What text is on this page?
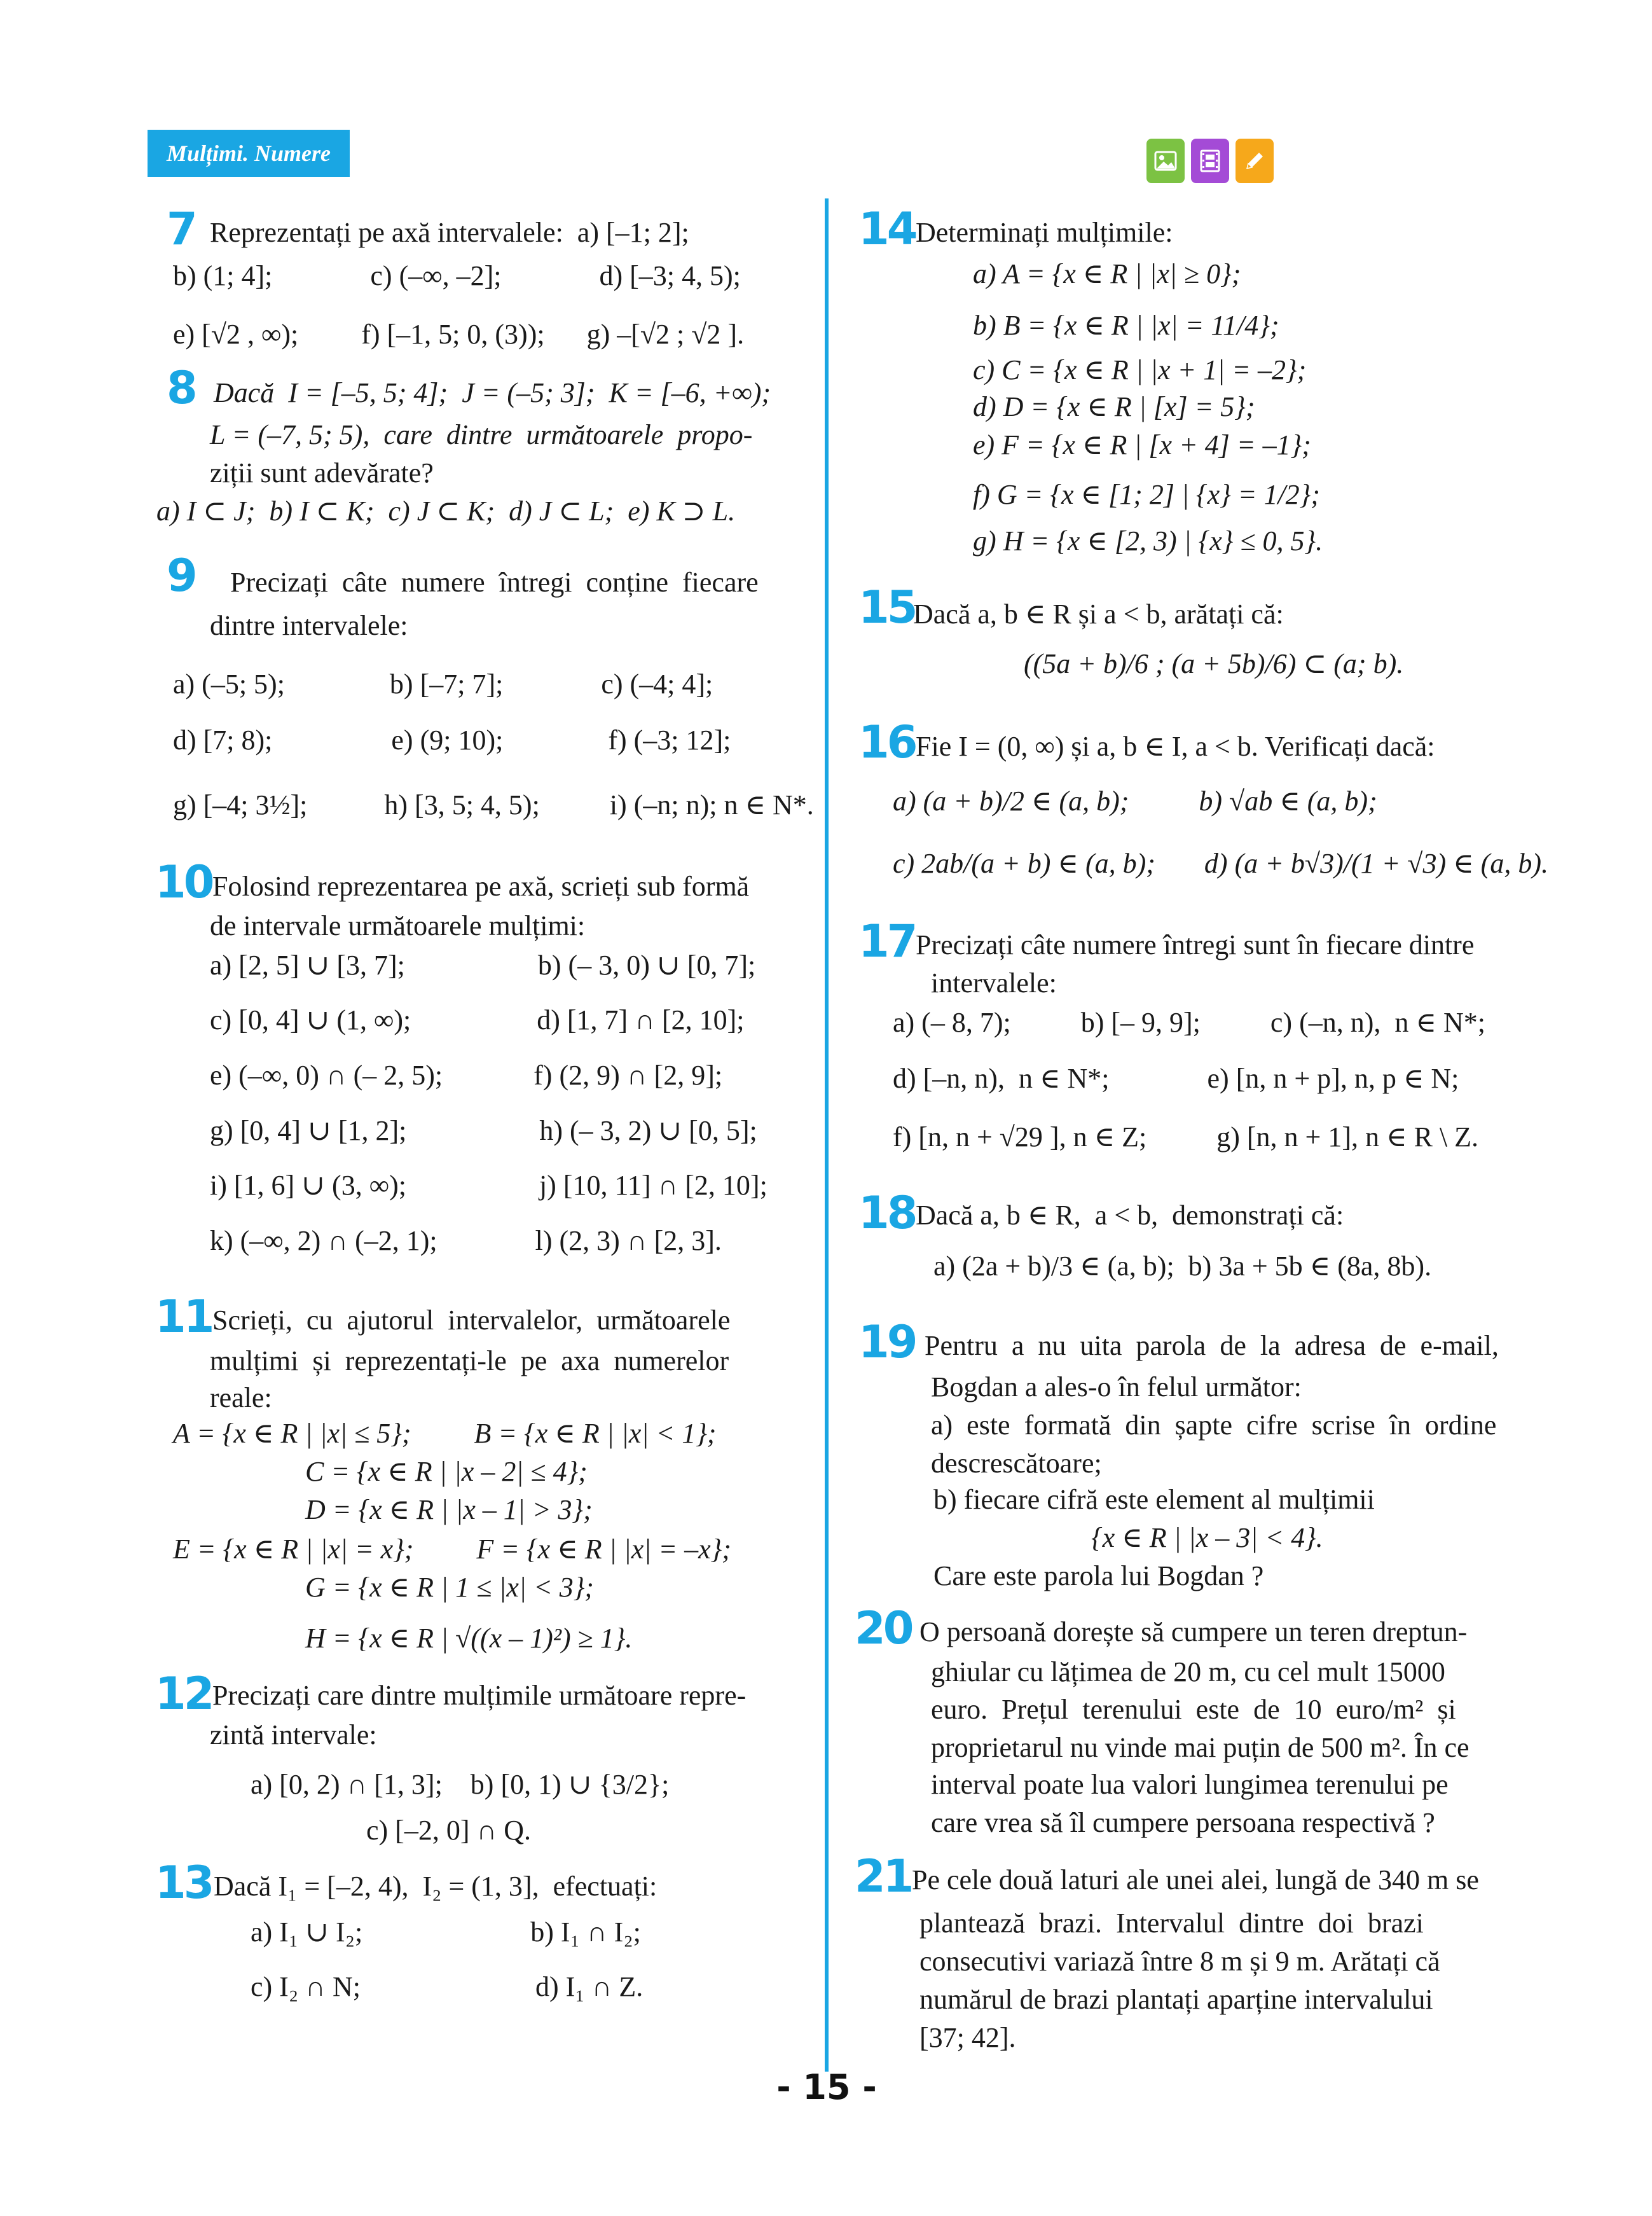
Mulțimi. Numere
7 Reprezentați pe axă intervalele:  a) [–1; 2];
b) (1; 4];              c) (–∞, –2];              d) [–3; 4, 5);
e) [√2 , ∞);         f) [–1, 5; 0, (3));      g) –[√2 ; √2 ].
8 Dacă  I = [–5, 5; 4];  J = (–5; 3];  K = [–6, +∞);
L = (–7, 5; 5),  care  dintre  următoarele  propo-
ziții sunt adevărate?
a) I ⊂ J;  b) I ⊂ K;  c) J ⊂ K;  d) J ⊂ L;  e) K ⊃ L.
9 Precizați  câte  numere  întregi  conține  fiecare
dintre intervalele:
a) (–5; 5);               b) [–7; 7];              c) (–4; 4];
d) [7; 8);                 e) (9; 10);               f) (–3; 12];
g) [–4; 3½];           h) [3, 5; 4, 5);          i) (–n; n); n ∈ N*.
10 Folosind reprezentarea pe axă, scrieți sub formă
de intervale următoarele mulțimi:
a) [2, 5] ∪ [3, 7];                   b) (– 3, 0) ∪ [0, 7];
c) [0, 4] ∪ (1, ∞);                  d) [1, 7] ∩ [2, 10];
e) (–∞, 0) ∩ (– 2, 5);             f) (2, 9) ∩ [2, 9];
g) [0, 4] ∪ [1, 2];                   h) (– 3, 2) ∪ [0, 5];
i) [1, 6] ∪ (3, ∞);                   j) [10, 11] ∩ [2, 10];
k) (–∞, 2) ∩ (–2, 1);              l) (2, 3) ∩ [2, 3].
11 Scrieți,  cu  ajutorul  intervalelor,  următoarele
mulțimi  și  reprezentați-le  pe  axa  numerelor
reale:
A = {x ∈ R | |x| ≤ 5};         B = {x ∈ R | |x| < 1};
C = {x ∈ R | |x – 2| ≤ 4};
D = {x ∈ R | |x – 1| > 3};
E = {x ∈ R | |x| = x};         F = {x ∈ R | |x| = –x};
G = {x ∈ R | 1 ≤ |x| < 3};
H = {x ∈ R | √((x – 1)²) ≥ 1}.
12 Precizați care dintre mulțimile următoare repre-
zintă intervale:
a) [0, 2) ∩ [1, 3];    b) [0, 1) ∪ {3/2};
c) [–2, 0] ∩ Q.
13 Dacă I₁ = [–2, 4),  I₂ = (1, 3],  efectuați:
a) I₁ ∪ I₂;                        b) I₁ ∩ I₂;
c) I₂ ∩ N;                         d) I₁ ∩ Z.
14 Determinați mulțimile:
a) A = {x ∈ R | |x| ≥ 0};
b) B = {x ∈ R | |x| = 11/4};
c) C = {x ∈ R | |x + 1| = –2};
d) D = {x ∈ R | [x] = 5};
e) F = {x ∈ R | [x + 4] = –1};
f) G = {x ∈ [1; 2] | {x} = 1/2};
g) H = {x ∈ [2, 3) | {x} ≤ 0, 5}.
15
Dacă a, b ∈ R și a < b, arătați că:
((5a + b)/6 ; (a + 5b)/6) ⊂ (a; b).
16 Fie I = (0, ∞) și a, b ∈ I, a < b. Verificați dacă:
a) (a + b)/2 ∈ (a, b);          b) √ab ∈ (a, b);
c) 2ab/(a + b) ∈ (a, b);       d) (a + b√3)/(1 + √3) ∈ (a, b).
17 Precizați câte numere întregi sunt în fiecare dintre
intervalele:
a) (– 8, 7);          b) [– 9, 9];          c) (–n, n),  n ∈ N*;
d) [–n, n),  n ∈ N*;              e) [n, n + p], n, p ∈ N;
f) [n, n + √29 ], n ∈ Z;          g) [n, n + 1], n ∈ R \ Z.
18 Dacă a, b ∈ R,  a < b,  demonstrați că:
a) (2a + b)/3 ∈ (a, b);  b) 3a + 5b ∈ (8a, 8b).
19 Pentru  a  nu  uita  parola  de  la  adresa  de  e-mail,
Bogdan a ales-o în felul următor:
a)  este  formată  din  șapte  cifre  scrise  în  ordine
descrescătoare;
b) fiecare cifră este element al mulțimii
{x ∈ R | |x – 3| < 4}.
Care este parola lui Bogdan ?
20 O persoană dorește să cumpere un teren dreptun-
ghiular cu lățimea de 20 m, cu cel mult 15000
euro.  Prețul  terenului  este  de  10  euro/m²  și
proprietarul nu vinde mai puțin de 500 m². În ce
interval poate lua valori lungimea terenului pe
care vrea să îl cumpere persoana respectivă ?
21 Pe cele două laturi ale unei alei, lungă de 340 m se
plantează  brazi.  Intervalul  dintre  doi  brazi
consecutivi variază între 8 m și 9 m. Arătați că
numărul de brazi plantați aparține intervalului
[37; 42].
- 15 -
